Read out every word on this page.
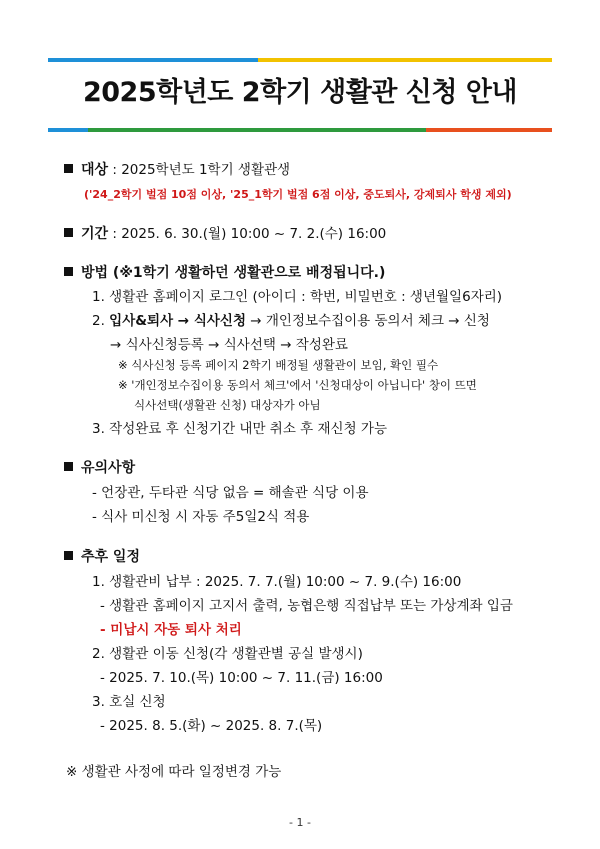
2025학년도 2학기 생활관 신청 안내
대상 : 2025학년도 1학기 생활관생
('24_2학기 벌점 10점 이상, '25_1학기 벌점 6점 이상, 중도퇴사, 강제퇴사 학생 제외)
기간 : 2025. 6. 30.(월) 10:00 ~ 7. 2.(수) 16:00
방법 (※1학기 생활하던 생활관으로 배정됩니다.)
1. 생활관 홈페이지 로그인 (아이디 : 학번, 비밀번호 : 생년월일6자리)
2. 입사&퇴사 → 식사신청 → 개인정보수집이용 동의서 체크 → 신청
→ 식사신청등록 → 식사선택 → 작성완료
※ 식사신청 등록 페이지 2학기 배정될 생활관이 보임, 확인 필수
※ '개인정보수집이용 동의서 체크'에서 '신청대상이 아닙니다' 창이 뜨면
식사선택(생활관 신청) 대상자가 아님
3. 작성완료 후 신청기간 내만 취소 후 재신청 가능
유의사항
- 언장관, 두타관 식당 없음 = 해솔관 식당 이용
- 식사 미신청 시 자동 주5일2식 적용
추후 일정
1. 생활관비 납부 : 2025. 7. 7.(월) 10:00 ~ 7. 9.(수) 16:00
- 생활관 홈페이지 고지서 출력, 농협은행 직접납부 또는 가상계좌 입금
- 미납시 자동 퇴사 처리
2. 생활관 이동 신청(각 생활관별 공실 발생시)
- 2025. 7. 10.(목) 10:00 ~ 7. 11.(금) 16:00
3. 호실 신청
- 2025. 8. 5.(화) ~ 2025. 8. 7.(목)
※ 생활관 사정에 따라 일정변경 가능
- 1 -
